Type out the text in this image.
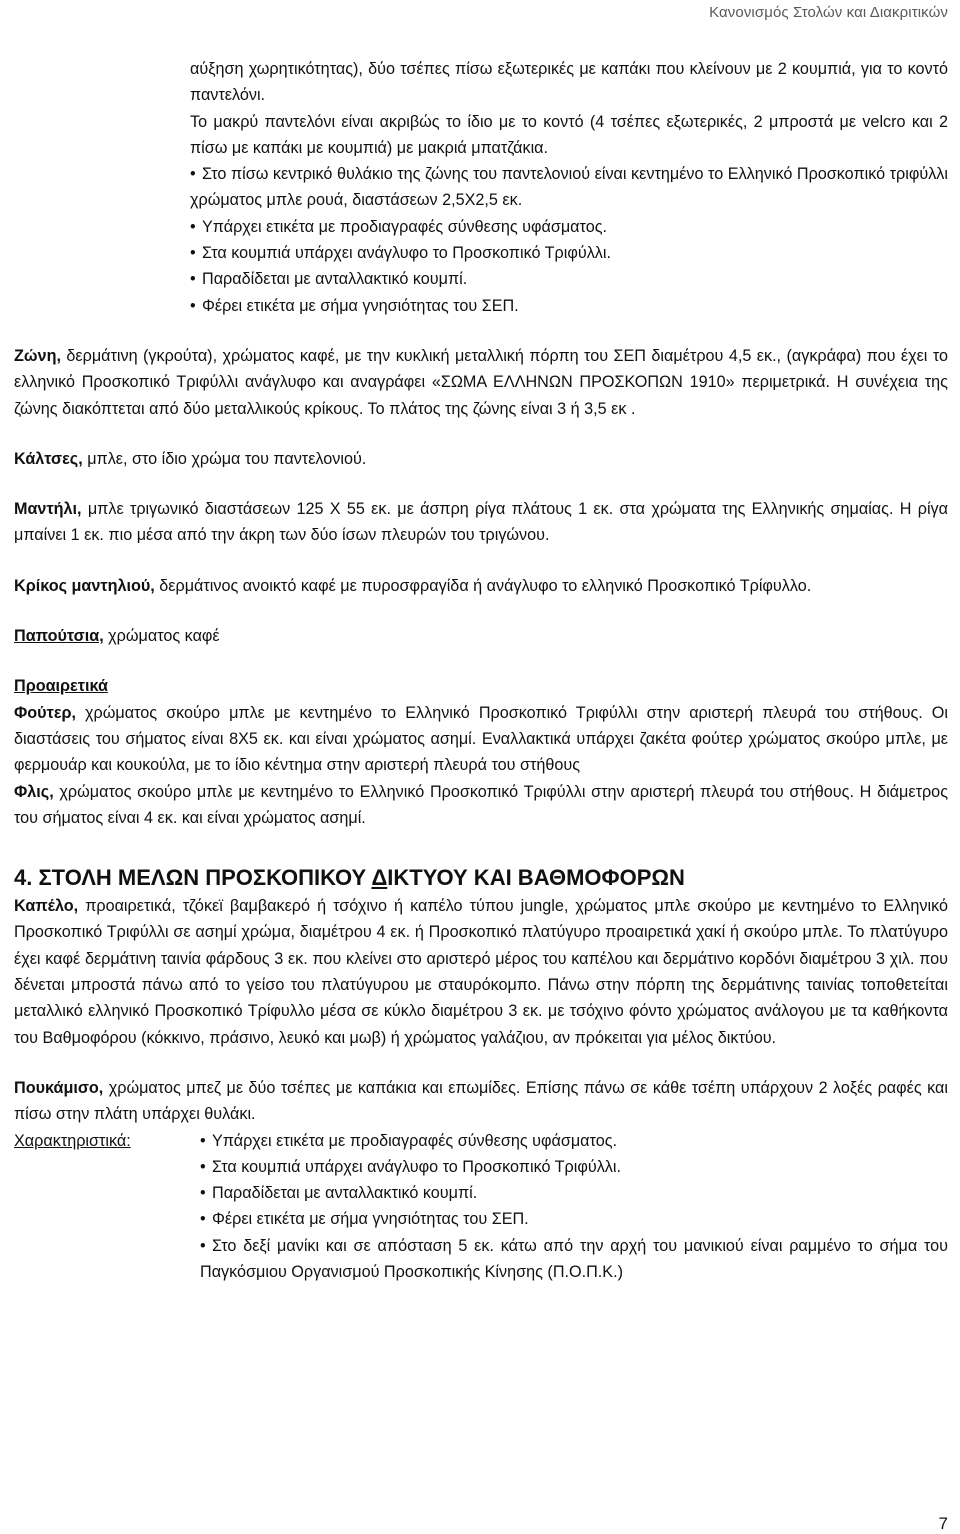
Κανονισμός Στολών και Διακριτικών

αύξηση χωρητικότητας), δύο τσέπες πίσω εξωτερικές με καπάκι που κλείνουν με 2 κουμπιά, για το κοντό παντελόνι.

Το μακρύ παντελόνι είναι ακριβώς το ίδιο με το κοντό (4 τσέπες εξωτερικές, 2 μπροστά με velcro και 2 πίσω με καπάκι με κουμπιά) με μακριά μπατζάκια.

• Στο πίσω κεντρικό θυλάκιο της ζώνης του παντελονιού είναι κεντημένο το Ελληνικό Προσκοπικό τριφύλλι χρώματος μπλε ρουά, διαστάσεων 2,5Χ2,5 εκ.
• Υπάρχει ετικέτα με προδιαγραφές σύνθεσης υφάσματος.
• Στα κουμπιά υπάρχει ανάγλυφο το Προσκοπικό Τριφύλλι.
• Παραδίδεται με ανταλλακτικό κουμπί.
• Φέρει ετικέτα με σήμα γνησιότητας του ΣΕΠ.

Ζώνη, δερμάτινη (γκρούτα), χρώματος καφέ, με την κυκλική μεταλλική πόρπη του ΣΕΠ διαμέτρου 4,5 εκ., (αγκράφα) που έχει το ελληνικό Προσκοπικό Τριφύλλι ανάγλυφο και αναγράφει «ΣΩΜΑ ΕΛΛΗΝΩΝ ΠΡΟΣΚΟΠΩΝ 1910» περιμετρικά. Η συνέχεια της ζώνης διακόπτεται από δύο μεταλλικούς κρίκους. Το πλάτος της ζώνης είναι 3 ή 3,5 εκ .

Κάλτσες, μπλε, στο ίδιο χρώμα του παντελονιού.

Μαντήλι, μπλε τριγωνικό διαστάσεων 125 Χ 55 εκ. με άσπρη ρίγα πλάτους 1 εκ. στα χρώματα της Ελληνικής σημαίας. Η ρίγα μπαίνει 1 εκ. πιο μέσα από την άκρη των δύο ίσων πλευρών του τριγώνου.

Κρίκος μαντηλιού, δερμάτινος ανοικτό καφέ με πυροσφραγίδα ή ανάγλυφο το ελληνικό Προσκοπικό Τρίφυλλο.

Παπούτσια, χρώματος καφέ

Προαιρετικά

Φούτερ, χρώματος σκούρο μπλε με κεντημένο το Ελληνικό Προσκοπικό Τριφύλλι στην αριστερή πλευρά του στήθους. Οι διαστάσεις του σήματος είναι 8Χ5 εκ. και είναι χρώματος ασημί. Εναλλακτικά υπάρχει ζακέτα φούτερ χρώματος σκούρο μπλε, με φερμουάρ και κουκούλα, με το ίδιο κέντημα στην αριστερή πλευρά του στήθους

Φλις, χρώματος σκούρο μπλε με κεντημένο το Ελληνικό Προσκοπικό Τριφύλλι στην αριστερή πλευρά του στήθους. Η διάμετρος του σήματος είναι 4 εκ. και είναι χρώματος ασημί.

4. ΣΤΟΛΗ ΜΕΛΩΝ ΠΡΟΣΚΟΠΙΚΟΥ ΔΙΚΤΥΟΥ ΚΑΙ ΒΑΘΜΟΦΟΡΩΝ

Καπέλο, προαιρετικά, τζόκεϊ βαμβακερό ή τσόχινο ή καπέλο τύπου jungle, χρώματος μπλε σκούρο με κεντημένο το Ελληνικό Προσκοπικό Τριφύλλι σε ασημί χρώμα, διαμέτρου 4 εκ. ή Προσκοπικό πλατύγυρο προαιρετικά χακί ή σκούρο μπλε. Το πλατύγυρο έχει καφέ δερμάτινη ταινία φάρδους 3 εκ. που κλείνει στο αριστερό μέρος του καπέλου και δερμάτινο κορδόνι διαμέτρου 3 χιλ. που δένεται μπροστά πάνω από το γείσο του πλατύγυρου με σταυρόκομπο. Πάνω στην πόρπη της δερμάτινης ταινίας τοποθετείται μεταλλικό ελληνικό Προσκοπικό Τρίφυλλο μέσα σε κύκλο διαμέτρου 3 εκ. με τσόχινο φόντο χρώματος ανάλογου με τα καθήκοντα του Βαθμοφόρου (κόκκινο, πράσινο, λευκό και μωβ) ή χρώματος γαλάζιου, αν πρόκειται για μέλος δικτύου.

Πουκάμισο, χρώματος μπεζ με δύο τσέπες με καπάκια και επωμίδες. Επίσης πάνω σε κάθε τσέπη υπάρχουν 2 λοξές ραφές και πίσω στην πλάτη υπάρχει θυλάκι.

Χαρακτηριστικά:
•	Υπάρχει ετικέτα με προδιαγραφές σύνθεσης υφάσματος.
• Στα κουμπιά υπάρχει ανάγλυφο το Προσκοπικό Τριφύλλι.
• Παραδίδεται με ανταλλακτικό κουμπί.
• Φέρει ετικέτα με σήμα γνησιότητας του ΣΕΠ.
• Στο δεξί μανίκι και σε απόσταση 5 εκ. κάτω από την αρχή του μανικιού είναι ραμμένο το σήμα του Παγκόσμιου Οργανισμού Προσκοπικής Κίνησης (Π.Ο.Π.Κ.)
7
